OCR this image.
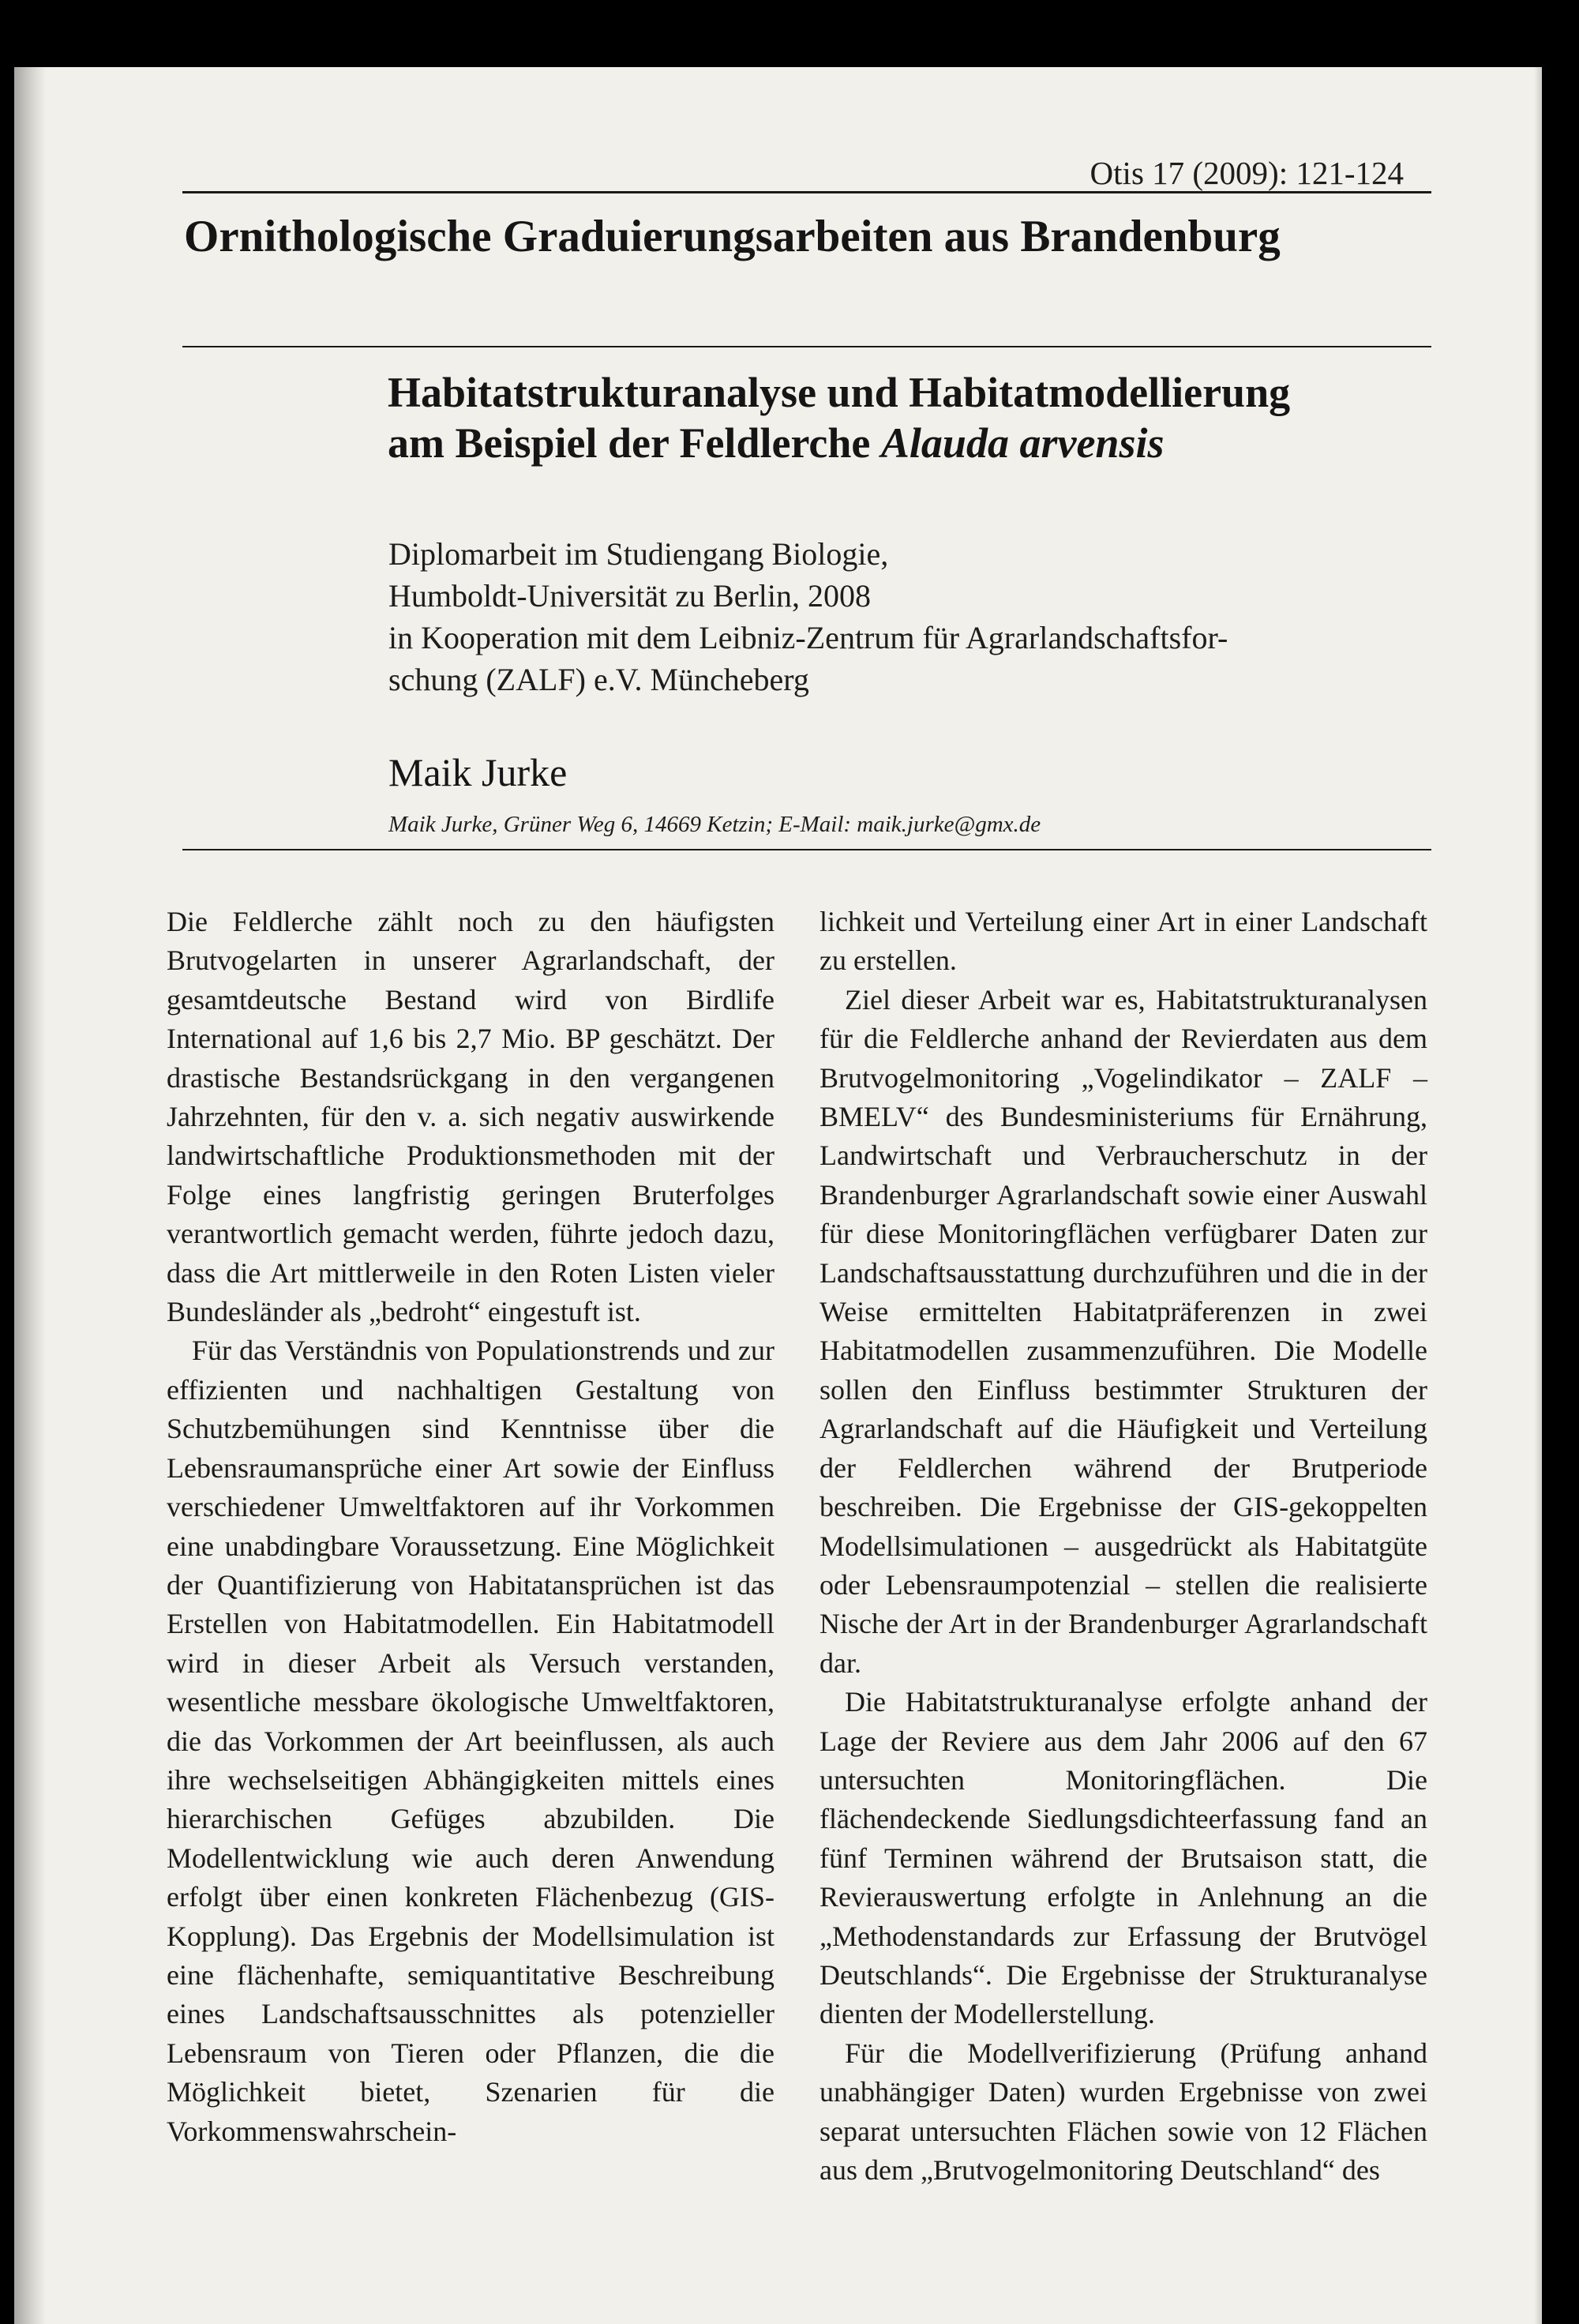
Otis 17 (2009): 121-124
Ornithologische Graduierungsarbeiten aus Brandenburg
Habitatstrukturanalyse und Habitatmodellierung
am Beispiel der Feldlerche Alauda arvensis
Diplomarbeit im Studiengang Biologie,
Humboldt-Universität zu Berlin, 2008
in Kooperation mit dem Leibniz-Zentrum für Agrarlandschaftsfor-
schung (ZALF) e.V. Müncheberg
Maik Jurke
Maik Jurke, Grüner Weg 6, 14669 Ketzin; E-Mail: maik.jurke@gmx.de

Die Feldlerche zählt noch zu den häufigsten Brutvogelarten in unserer Agrarlandschaft, der gesamtdeutsche Bestand wird von Birdlife International auf 1,6 bis 2,7 Mio. BP geschätzt. Der drastische Bestandsrückgang in den vergangenen Jahrzehnten, für den v. a. sich negativ auswirkende landwirtschaftliche Produktionsmethoden mit der Folge eines langfristig geringen Bruterfolges verantwortlich gemacht werden, führte jedoch dazu, dass die Art mittlerweile in den Roten Listen vieler Bundesländer als „bedroht“ eingestuft ist.

Für das Verständnis von Populationstrends und zur effizienten und nachhaltigen Gestaltung von Schutzbemühungen sind Kenntnisse über die Lebensraumansprüche einer Art sowie der Einfluss verschiedener Umweltfaktoren auf ihr Vorkommen eine unabdingbare Voraussetzung. Eine Möglichkeit der Quantifizierung von Habitatansprüchen ist das Erstellen von Habitatmodellen. Ein Habitatmodell wird in dieser Arbeit als Versuch verstanden, wesentliche messbare ökologische Umweltfaktoren, die das Vorkommen der Art beeinflussen, als auch ihre wechselseitigen Abhängigkeiten mittels eines hierarchischen Gefüges abzubilden. Die Modellentwicklung wie auch deren Anwendung erfolgt über einen konkreten Flächenbezug (GIS-Kopplung). Das Ergebnis der Modellsimulation ist eine flächenhafte, semiquantitative Beschreibung eines Landschaftsausschnittes als potenzieller Lebensraum von Tieren oder Pflanzen, die die Möglichkeit bietet, Szenarien für die Vorkommenswahrschein-

lichkeit und Verteilung einer Art in einer Landschaft zu erstellen.

Ziel dieser Arbeit war es, Habitatstrukturanalysen für die Feldlerche anhand der Revierdaten aus dem Brutvogelmonitoring „Vogelindikator – ZALF – BMELV“ des Bundesministeriums für Ernährung, Landwirtschaft und Verbraucherschutz in der Brandenburger Agrarlandschaft sowie einer Auswahl für diese Monitoringflächen verfügbarer Daten zur Landschaftsausstattung durchzuführen und die in der Weise ermittelten Habitatpräferenzen in zwei Habitatmodellen zusammenzuführen. Die Modelle sollen den Einfluss bestimmter Strukturen der Agrarlandschaft auf die Häufigkeit und Verteilung der Feldlerchen während der Brutperiode beschreiben. Die Ergebnisse der GIS-gekoppelten Modellsimulationen – ausgedrückt als Habitatgüte oder Lebensraumpotenzial – stellen die realisierte Nische der Art in der Brandenburger Agrarlandschaft dar.

Die Habitatstrukturanalyse erfolgte anhand der Lage der Reviere aus dem Jahr 2006 auf den 67 untersuchten Monitoringflächen. Die flächendeckende Siedlungsdichteerfassung fand an fünf Terminen während der Brutsaison statt, die Revierauswertung erfolgte in Anlehnung an die „Methodenstandards zur Erfassung der Brutvögel Deutschlands“. Die Ergebnisse der Strukturanalyse dienten der Modellerstellung.

Für die Modellverifizierung (Prüfung anhand unabhängiger Daten) wurden Ergebnisse von zwei separat untersuchten Flächen sowie von 12 Flächen aus dem „Brutvogelmonitoring Deutschland“ des
